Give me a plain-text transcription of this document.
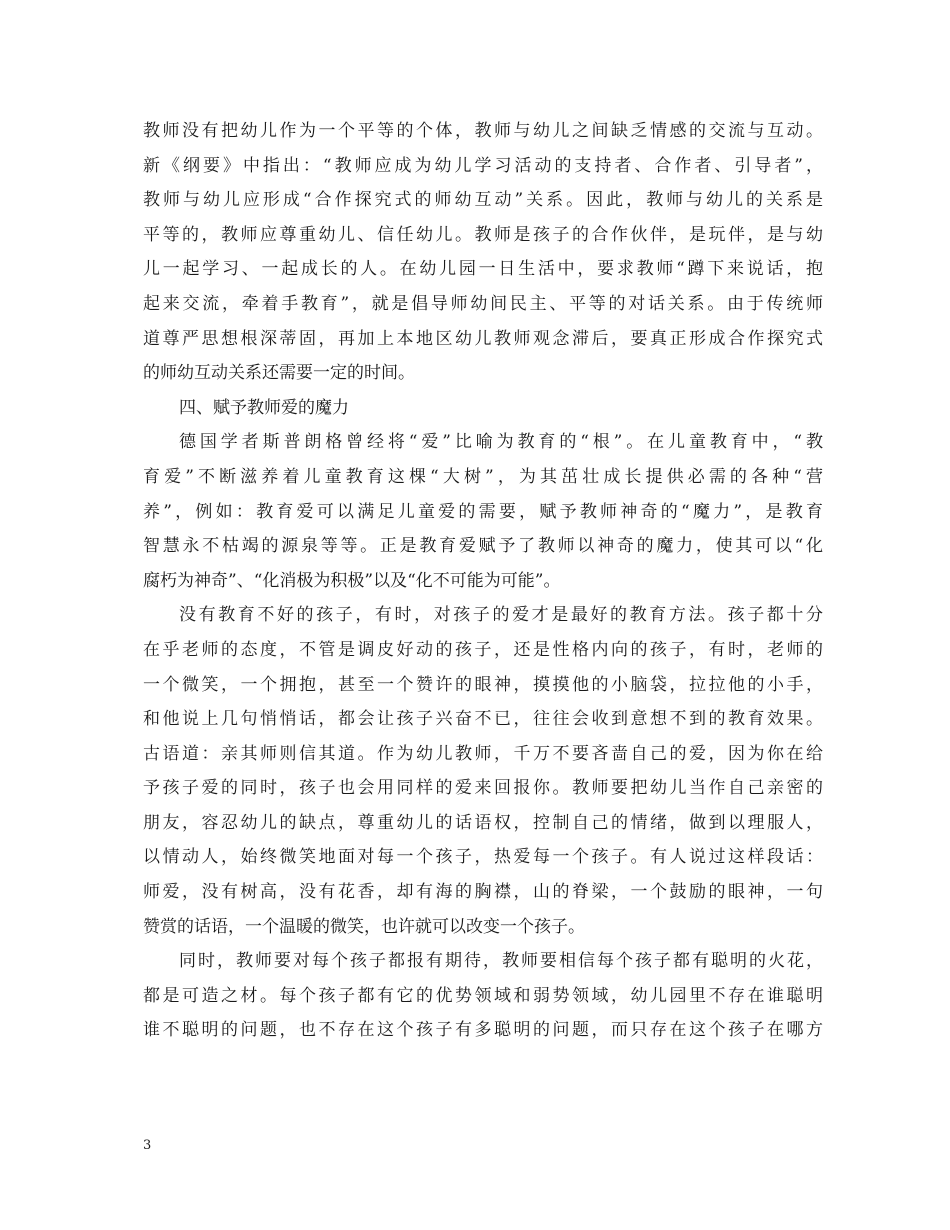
教师没有把幼儿作为一个平等的个体，教师与幼儿之间缺乏情感的交流与互动。
新《纲要》中指出：“教师应成为幼儿学习活动的支持者、合作者、引导者”，
教师与幼儿应形成“合作探究式的师幼互动”关系。因此，教师与幼儿的关系是
平等的，教师应尊重幼儿、信任幼儿。教师是孩子的合作伙伴，是玩伴，是与幼
儿一起学习、一起成长的人。在幼儿园一日生活中，要求教师“蹲下来说话，抱
起来交流，牵着手教育”，就是倡导师幼间民主、平等的对话关系。由于传统师
道尊严思想根深蒂固，再加上本地区幼儿教师观念滞后，要真正形成合作探究式
的师幼互动关系还需要一定的时间。
四、赋予教师爱的魔力
德国学者斯普朗格曾经将“爱”比喻为教育的“根”。在儿童教育中，“教
育爱”不断滋养着儿童教育这棵“大树”，为其茁壮成长提供必需的各种“营
养”，例如：教育爱可以满足儿童爱的需要，赋予教师神奇的“魔力”，是教育
智慧永不枯竭的源泉等等。正是教育爱赋予了教师以神奇的魔力，使其可以“化
腐朽为神奇”、“化消极为积极”以及“化不可能为可能”。
没有教育不好的孩子，有时，对孩子的爱才是最好的教育方法。孩子都十分
在乎老师的态度，不管是调皮好动的孩子，还是性格内向的孩子，有时，老师的
一个微笑，一个拥抱，甚至一个赞许的眼神，摸摸他的小脑袋，拉拉他的小手，
和他说上几句悄悄话，都会让孩子兴奋不已，往往会收到意想不到的教育效果。
古语道：亲其师则信其道。作为幼儿教师，千万不要吝啬自己的爱，因为你在给
予孩子爱的同时，孩子也会用同样的爱来回报你。教师要把幼儿当作自己亲密的
朋友，容忍幼儿的缺点，尊重幼儿的话语权，控制自己的情绪，做到以理服人，
以情动人，始终微笑地面对每一个孩子，热爱每一个孩子。有人说过这样段话：
师爱，没有树高，没有花香，却有海的胸襟，山的脊梁，一个鼓励的眼神，一句
赞赏的话语，一个温暖的微笑，也许就可以改变一个孩子。
同时，教师要对每个孩子都报有期待，教师要相信每个孩子都有聪明的火花，
都是可造之材。每个孩子都有它的优势领域和弱势领域，幼儿园里不存在谁聪明
谁不聪明的问题，也不存在这个孩子有多聪明的问题，而只存在这个孩子在哪方
3
